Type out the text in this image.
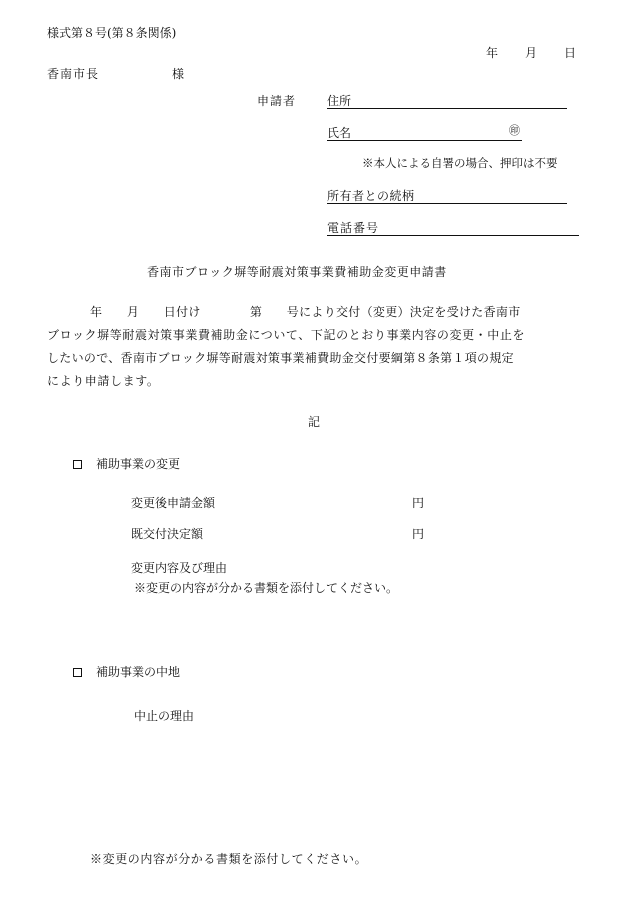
様式第８号(第８条関係)
年　　月　　日
香南市長	様
申請者	住所
氏名	㊞
※本人による自署の場合、押印は不要
所有者との続柄
電話番号
香南市ブロック塀等耐震対策事業費補助金変更申請書
年　　月　　日付け　　　　第　　号により交付（変更）決定を受けた香南市
ブロック塀等耐震対策事業費補助金について、下記のとおり事業内容の変更・中止を
したいので、香南市ブロック塀等耐震対策事業補費助金交付要綱第８条第１項の規定
により申請します。
記
補助事業の変更
変更後申請金額	円
既交付決定額	円
変更内容及び理由
※変更の内容が分かる書類を添付してください。
補助事業の中地
中止の理由
※変更の内容が分かる書類を添付してください。
